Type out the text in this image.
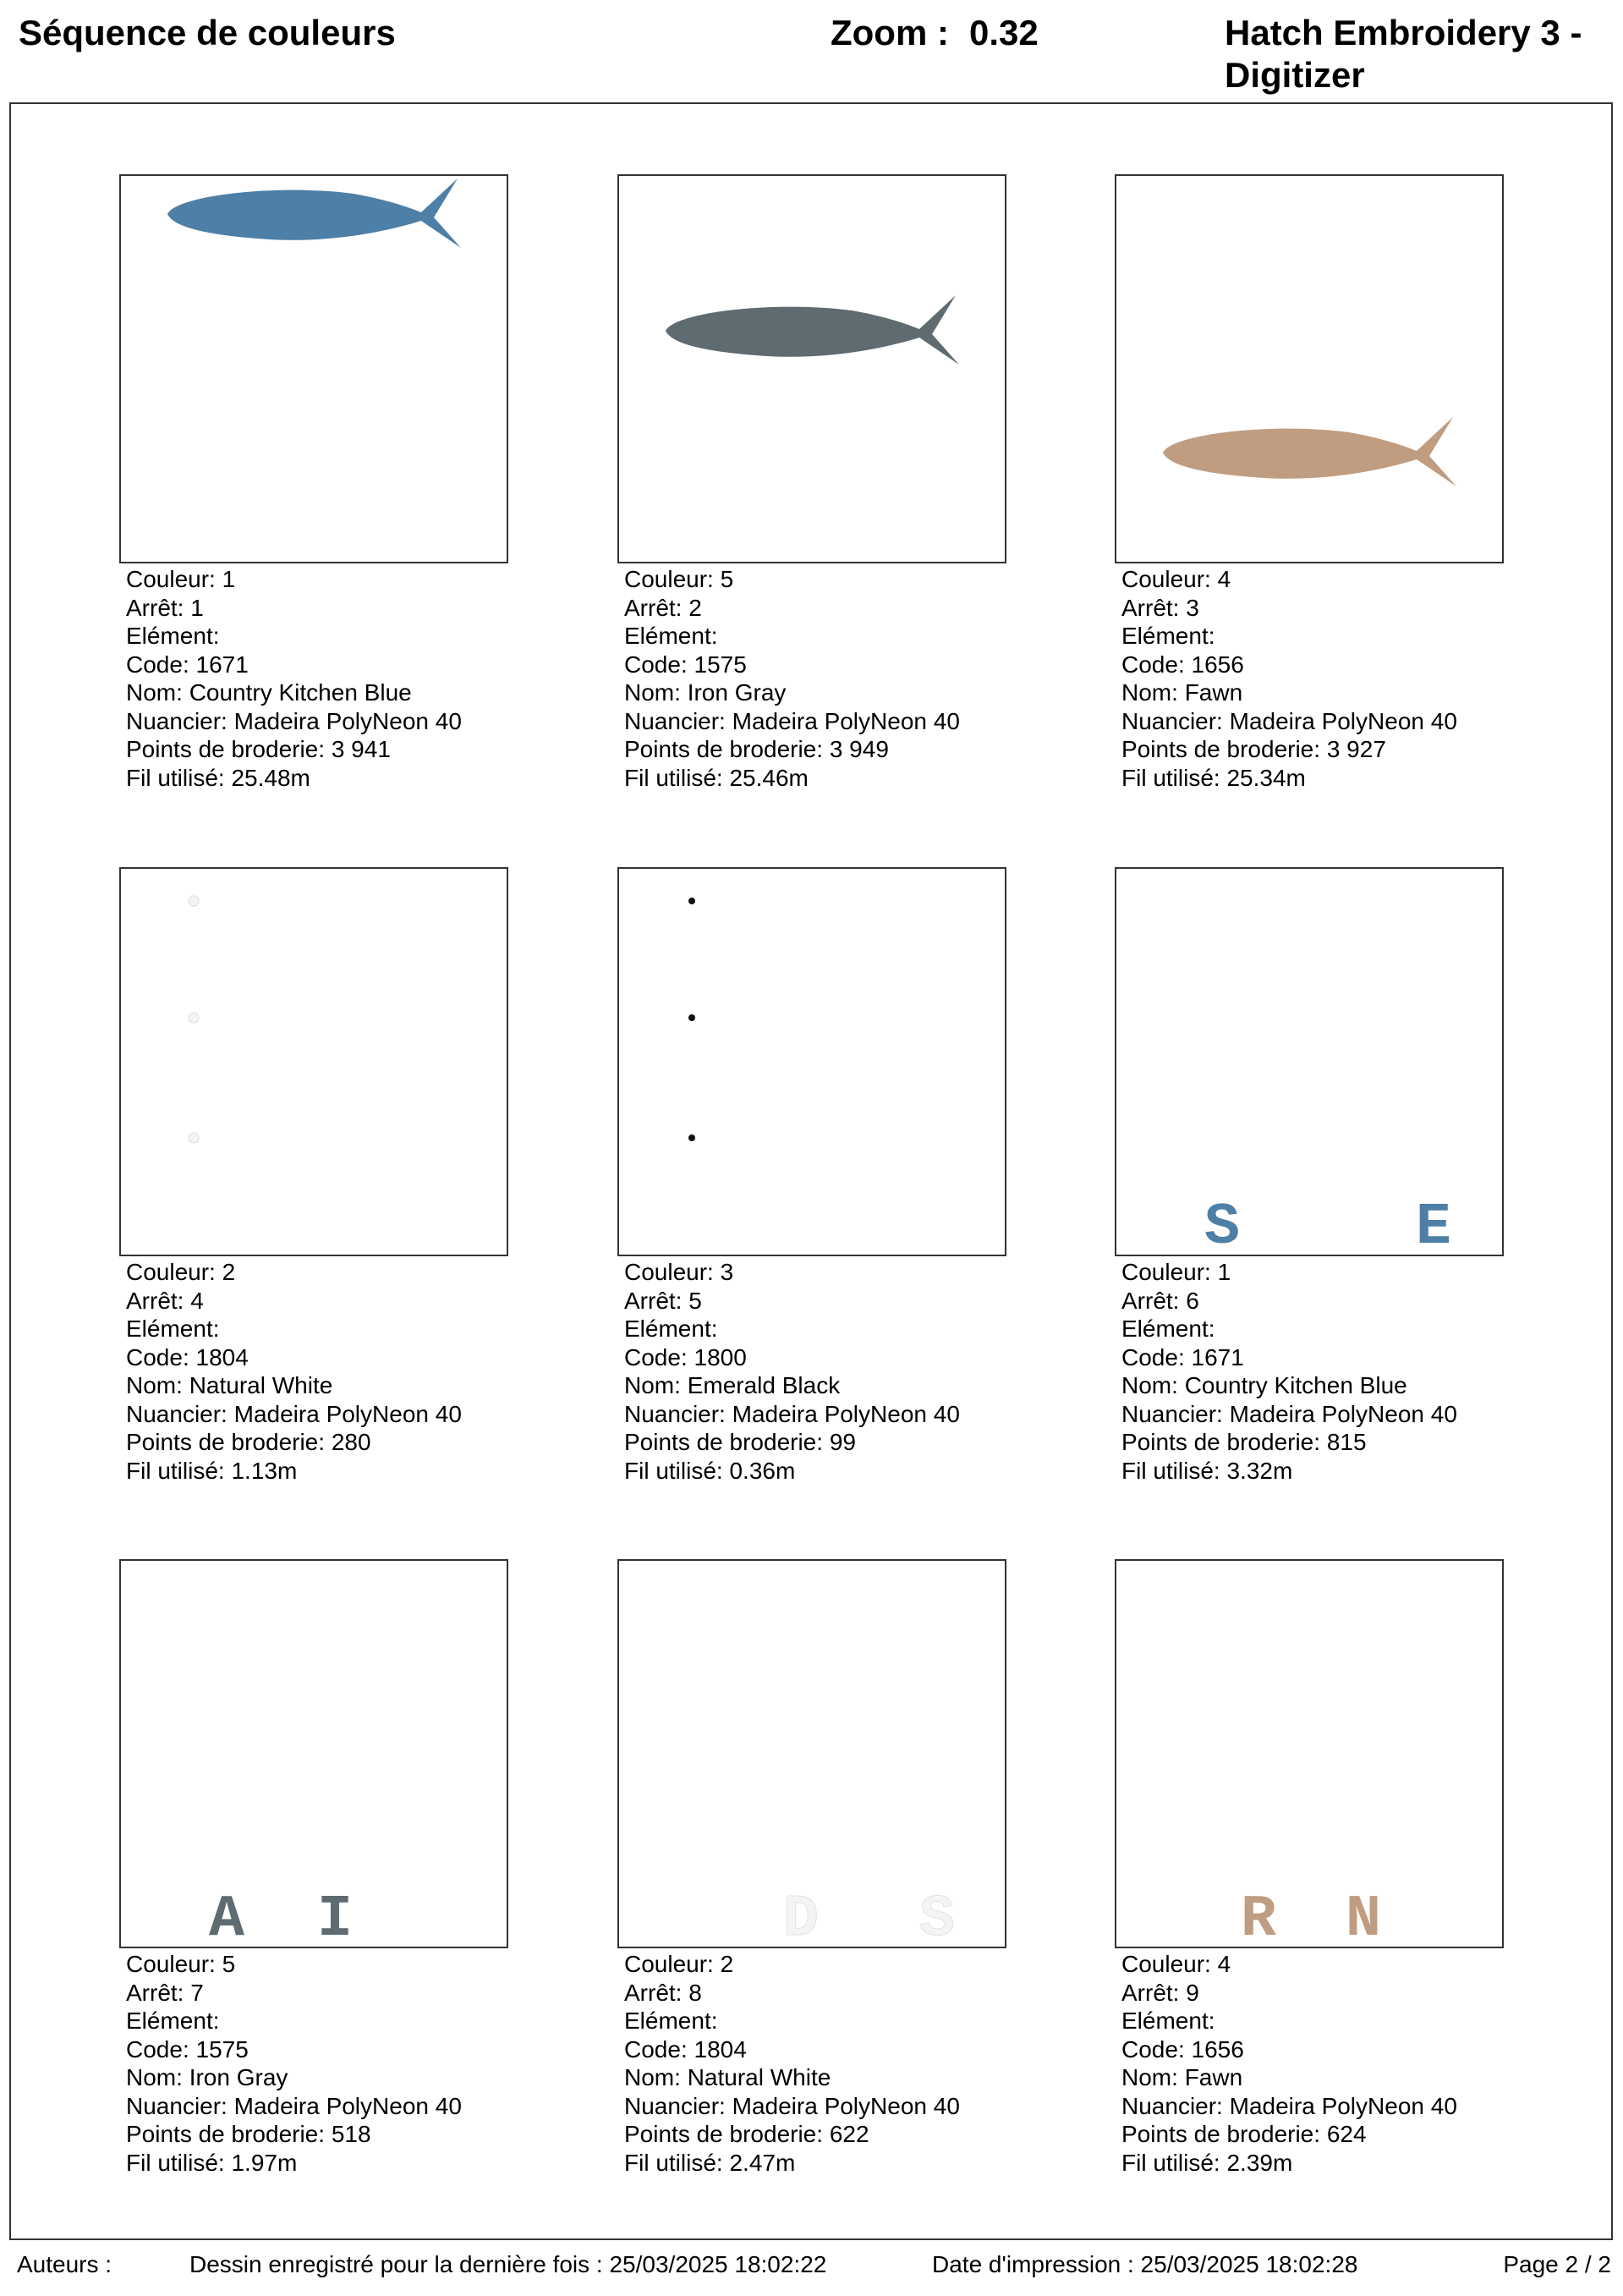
Séquence de couleurs	Zoom : 0.32	Hatch Embroidery 3 - Digitizer
Couleur: 1
Arrêt: 1
Elément:
Code: 1671
Nom: Country Kitchen Blue
Nuancier: Madeira PolyNeon 40
Points de broderie: 3 941
Fil utilisé: 25.48m
Couleur: 5
Arrêt: 2
Elément:
Code: 1575
Nom: Iron Gray
Nuancier: Madeira PolyNeon 40
Points de broderie: 3 949
Fil utilisé: 25.46m
Couleur: 4
Arrêt: 3
Elément:
Code: 1656
Nom: Fawn
Nuancier: Madeira PolyNeon 40
Points de broderie: 3 927
Fil utilisé: 25.34m
Couleur: 2
Arrêt: 4
Elément:
Code: 1804
Nom: Natural White
Nuancier: Madeira PolyNeon 40
Points de broderie: 280
Fil utilisé: 1.13m
Couleur: 3
Arrêt: 5
Elément:
Code: 1800
Nom: Emerald Black
Nuancier: Madeira PolyNeon 40
Points de broderie: 99
Fil utilisé: 0.36m
S	E
Couleur: 1
Arrêt: 6
Elément:
Code: 1671
Nom: Country Kitchen Blue
Nuancier: Madeira PolyNeon 40
Points de broderie: 815
Fil utilisé: 3.32m
A I
Couleur: 5
Arrêt: 7
Elément:
Code: 1575
Nom: Iron Gray
Nuancier: Madeira PolyNeon 40
Points de broderie: 518
Fil utilisé: 1.97m
D S
Couleur: 2
Arrêt: 8
Elément:
Code: 1804
Nom: Natural White
Nuancier: Madeira PolyNeon 40
Points de broderie: 622
Fil utilisé: 2.47m
R N
Couleur: 4
Arrêt: 9
Elément:
Code: 1656
Nom: Fawn
Nuancier: Madeira PolyNeon 40
Points de broderie: 624
Fil utilisé: 2.39m
Auteurs :	Dessin enregistré pour la dernière fois : 25/03/2025 18:02:22	Date d'impression : 25/03/2025 18:02:28	Page 2 / 2
